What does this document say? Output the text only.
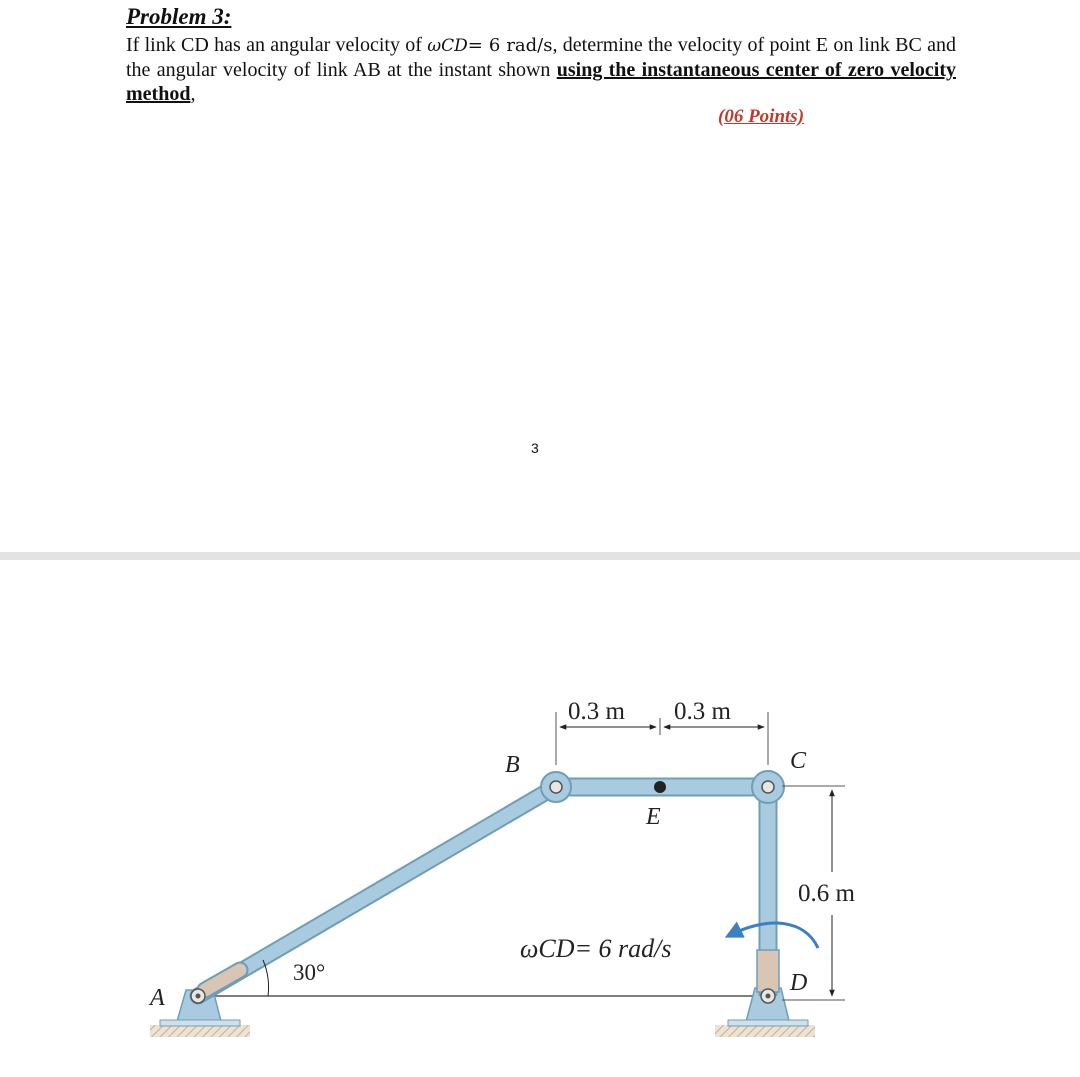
Problem 3:

If link CD has an angular velocity of ωCD= 6 rad/s, determine the velocity of point E on link BC and the angular velocity of link AB at the instant shown using the instantaneous center of zero velocity method,

(06 Points)
3
A
B	C
D
E
0.3 m 0.3 m
0.6 m
30°
ωCD= 6 rad/s
